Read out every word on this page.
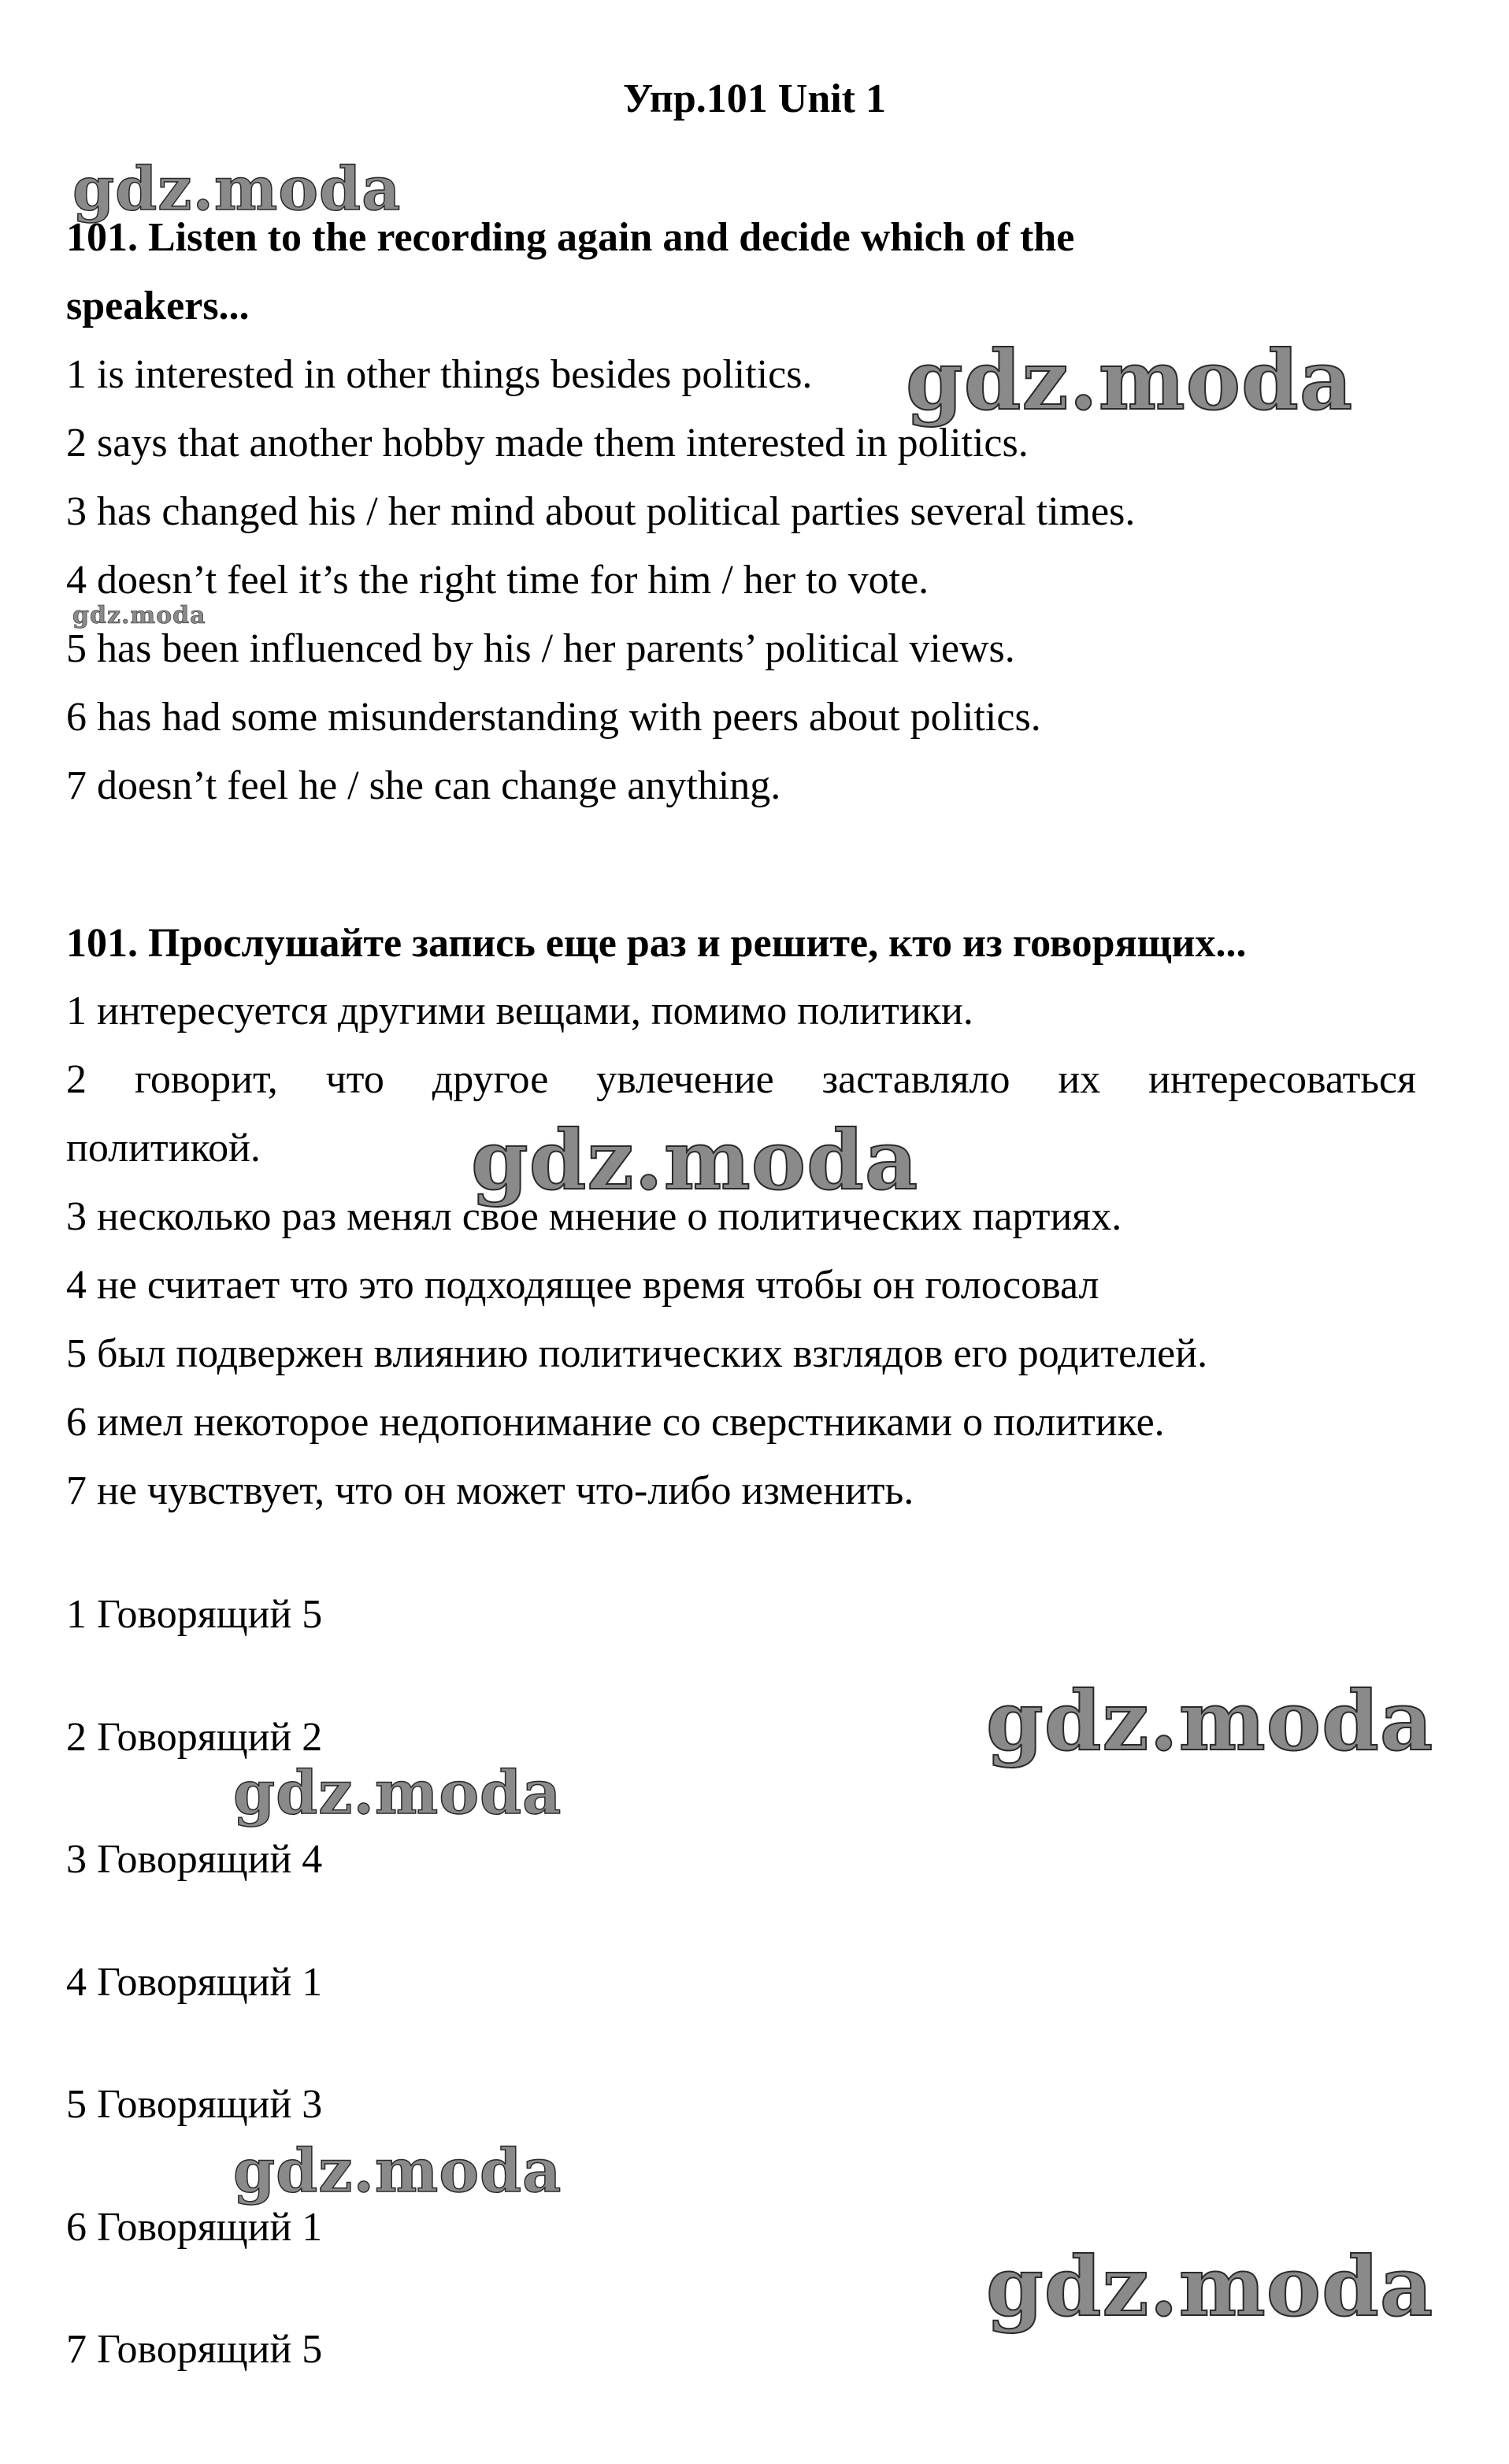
Упр.101 Unit 1
101. Listen to the recording again and decide which of the
speakers...
1 is interested in other things besides politics.
2 says that another hobby made them interested in politics.
3 has changed his / her mind about political parties several times.
4 doesn’t feel it’s the right time for him / her to vote.
5 has been influenced by his / her parents’ political views.
6 has had some misunderstanding with peers about politics.
7 doesn’t feel he / she can change anything.
101. Прослушайте запись еще раз и решите, кто из говорящих...
1 интересуется другими вещами, помимо политики.
2 говорит, что другое увлечение заставляло их интересоваться
политикой.
3 несколько раз менял свое мнение о политических партиях.
4 не считает что это подходящее время чтобы он голосовал
5 был подвержен влиянию политических взглядов его родителей.
6 имел некоторое недопонимание со сверстниками о политике.
7 не чувствует, что он может что-либо изменить.
1 Говорящий 5
2 Говорящий 2
3 Говорящий 4
4 Говорящий 1
5 Говорящий 3
6 Говорящий 1
7 Говорящий 5
gdz.moda
gdz.moda
gdz.moda
gdz.moda
gdz.moda
gdz.moda
gdz.moda
gdz.moda
